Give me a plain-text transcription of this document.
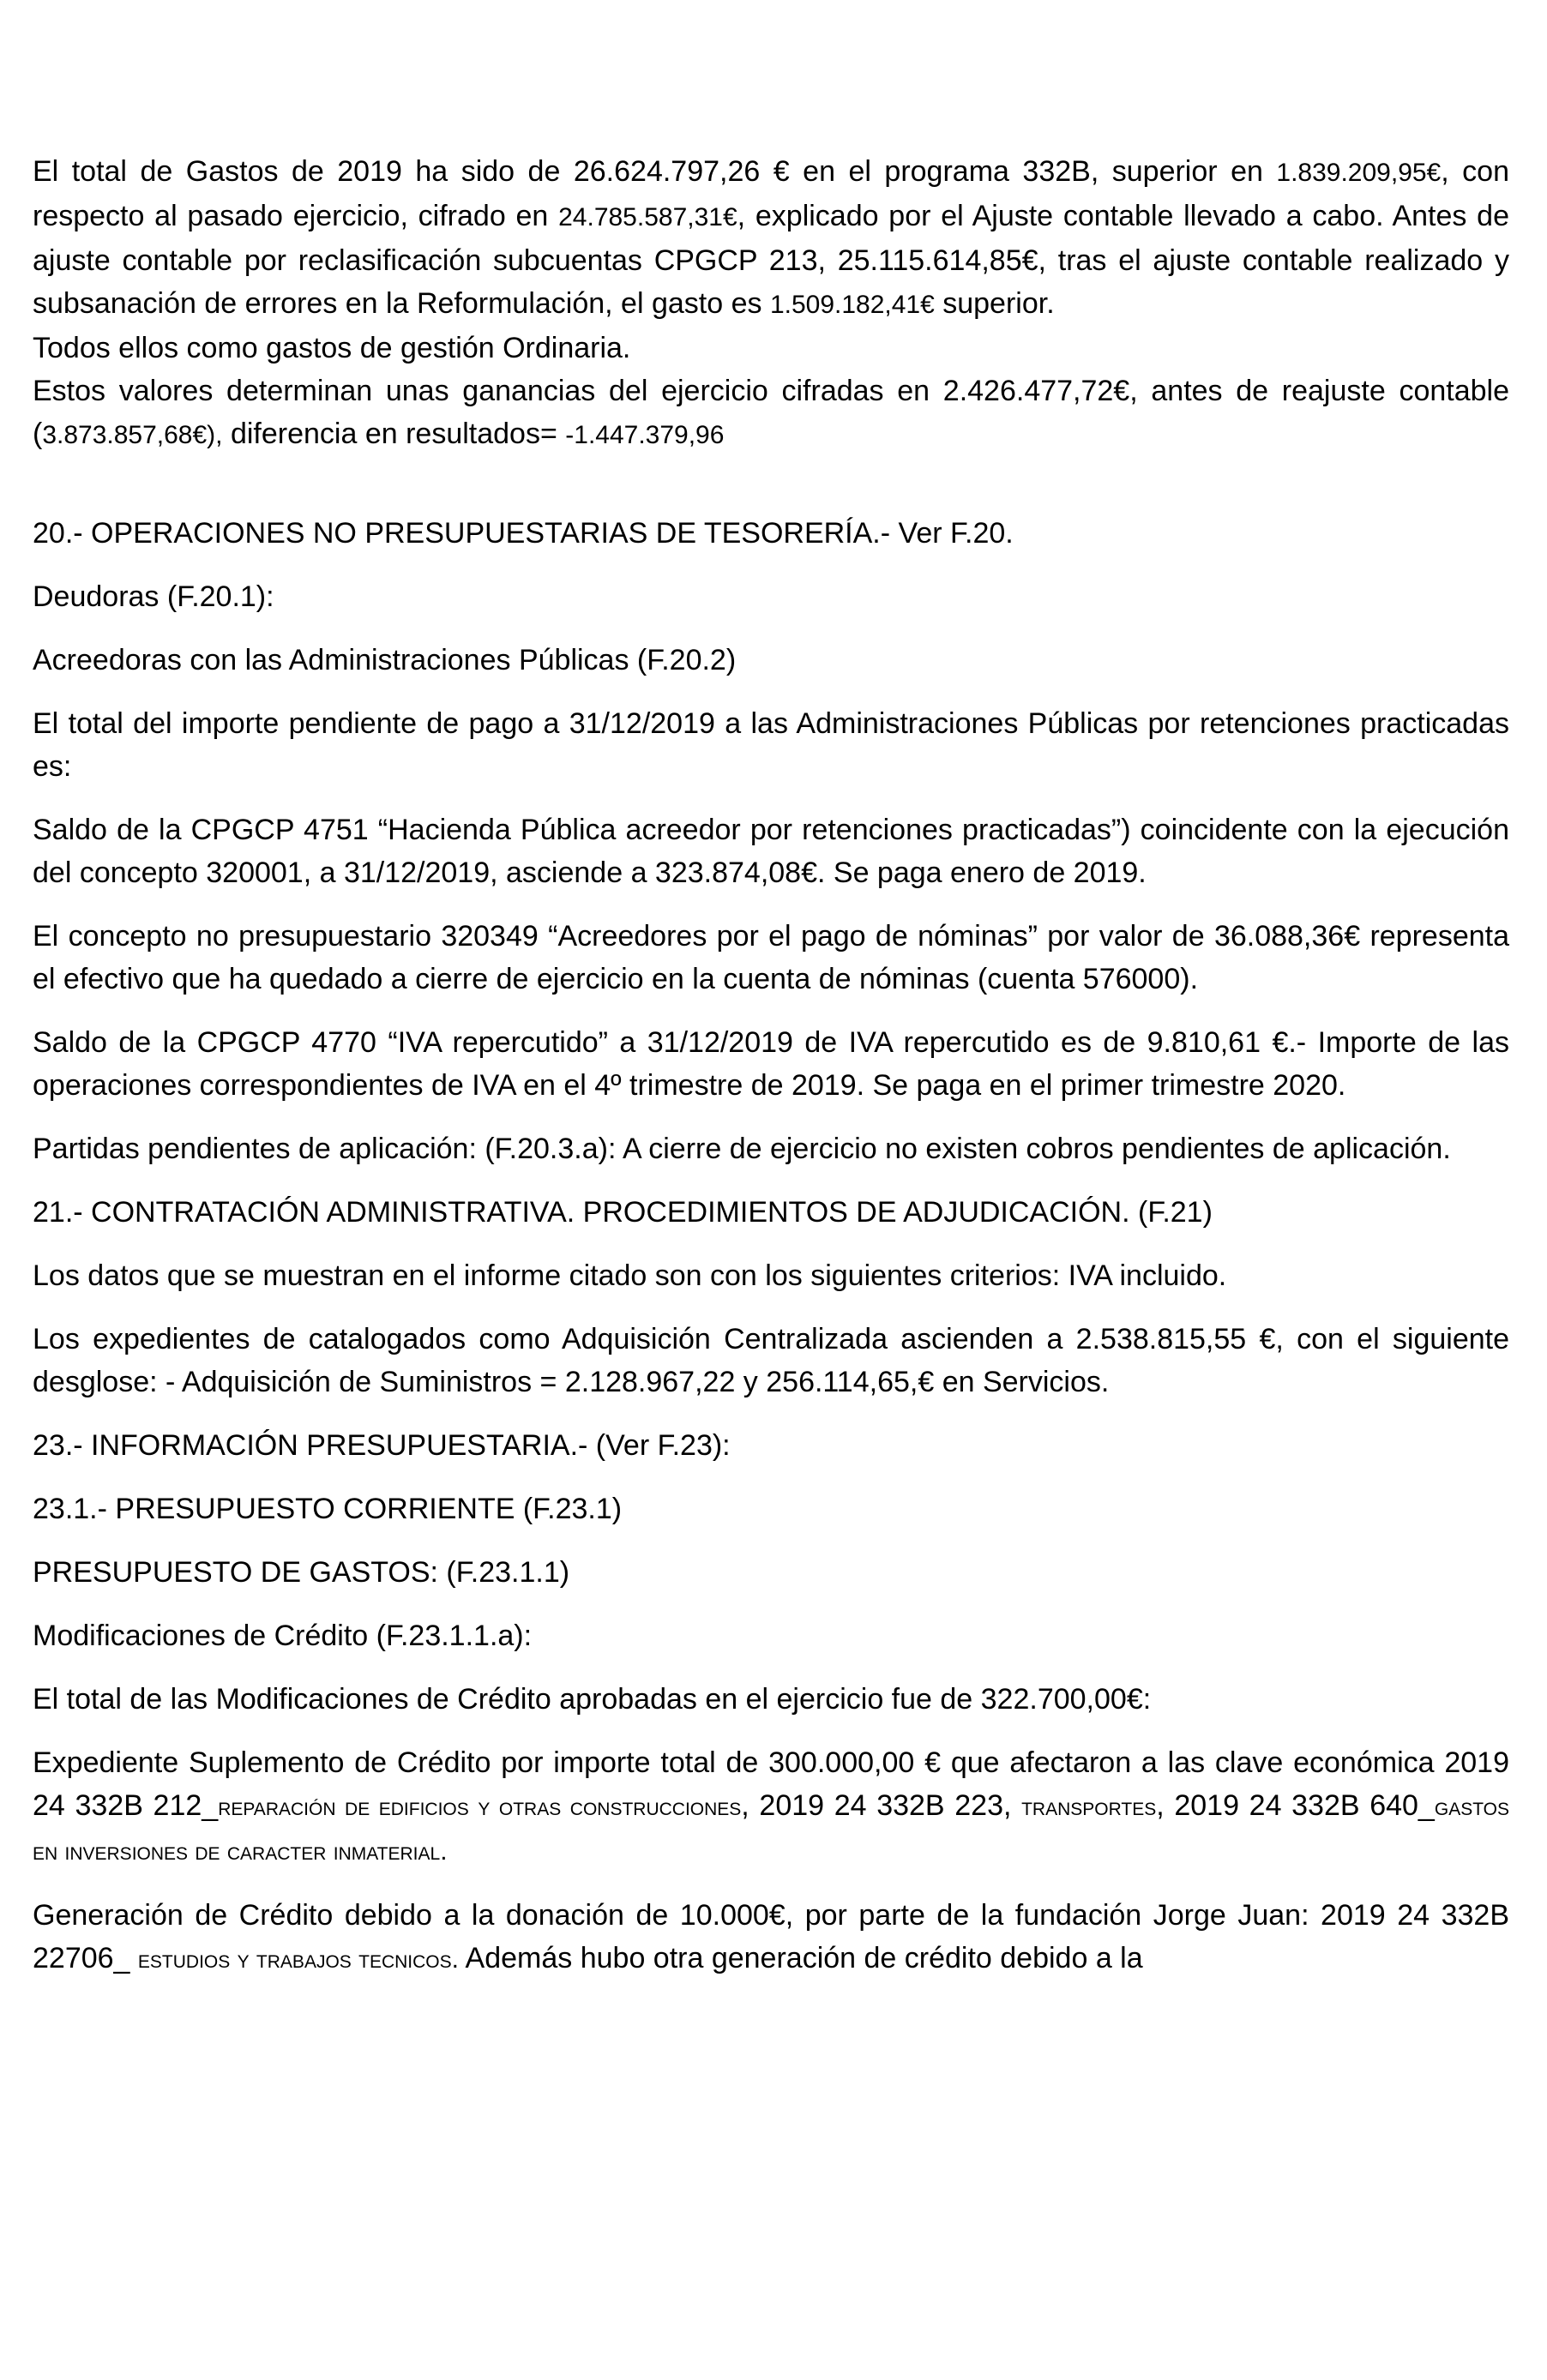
El total de Gastos de 2019 ha sido de 26.624.797,26 € en el programa 332B, superior en 1.839.209,95€, con respecto al pasado ejercicio, cifrado en 24.785.587,31€, explicado por el Ajuste contable llevado a cabo. Antes de ajuste contable por reclasificación subcuentas CPGCP 213, 25.115.614,85€, tras el ajuste contable realizado y subsanación de errores en la Reformulación, el gasto es 1.509.182,41€ superior.

Todos ellos como gastos de gestión Ordinaria.

Estos valores determinan unas ganancias del ejercicio cifradas en 2.426.477,72€, antes de reajuste contable (3.873.857,68€), diferencia en resultados= -1.447.379,96

20.- OPERACIONES NO PRESUPUESTARIAS DE TESORERÍA.- Ver F.20.

Deudoras (F.20.1):

Acreedoras con las Administraciones Públicas (F.20.2)

El total del importe pendiente de pago a 31/12/2019 a las Administraciones Públicas por retenciones practicadas es:

Saldo de la CPGCP 4751 “Hacienda Pública acreedor por retenciones practicadas”) coincidente con la ejecución del concepto 320001, a 31/12/2019, asciende a 323.874,08€. Se paga enero de 2019.

El concepto no presupuestario 320349 “Acreedores por el pago de nóminas” por valor de 36.088,36€ representa el efectivo que ha quedado a cierre de ejercicio en la cuenta de nóminas (cuenta 576000).

Saldo de la CPGCP 4770 “IVA repercutido” a 31/12/2019 de IVA repercutido es de 9.810,61 €.- Importe de las operaciones correspondientes de IVA en el 4º trimestre de 2019. Se paga en el primer trimestre 2020.

Partidas pendientes de aplicación: (F.20.3.a): A cierre de ejercicio no existen cobros pendientes de aplicación.

21.- CONTRATACIÓN ADMINISTRATIVA. PROCEDIMIENTOS DE ADJUDICACIÓN. (F.21)

Los datos que se muestran en el informe citado son con los siguientes criterios: IVA incluido.

Los expedientes de catalogados como Adquisición Centralizada ascienden a 2.538.815,55 €, con el siguiente desglose: - Adquisición de Suministros = 2.128.967,22 y 256.114,65,€ en Servicios.

23.- INFORMACIÓN PRESUPUESTARIA.- (Ver F.23):

23.1.- PRESUPUESTO CORRIENTE (F.23.1)

PRESUPUESTO DE GASTOS: (F.23.1.1)

Modificaciones de Crédito (F.23.1.1.a):

El total de las Modificaciones de Crédito aprobadas en el ejercicio fue de 322.700,00€:

Expediente Suplemento de Crédito por importe total de 300.000,00 € que afectaron a las clave económica 2019 24 332B 212_reparación de edificios y otras construcciones, 2019 24 332B 223, transportes, 2019 24 332B 640_gastos en inversiones de caracter inmaterial.

Generación de Crédito debido a la donación de 10.000€, por parte de la fundación Jorge Juan: 2019 24 332B 22706_ estudios y trabajos tecnicos. Además hubo otra generación de crédito debido a la
